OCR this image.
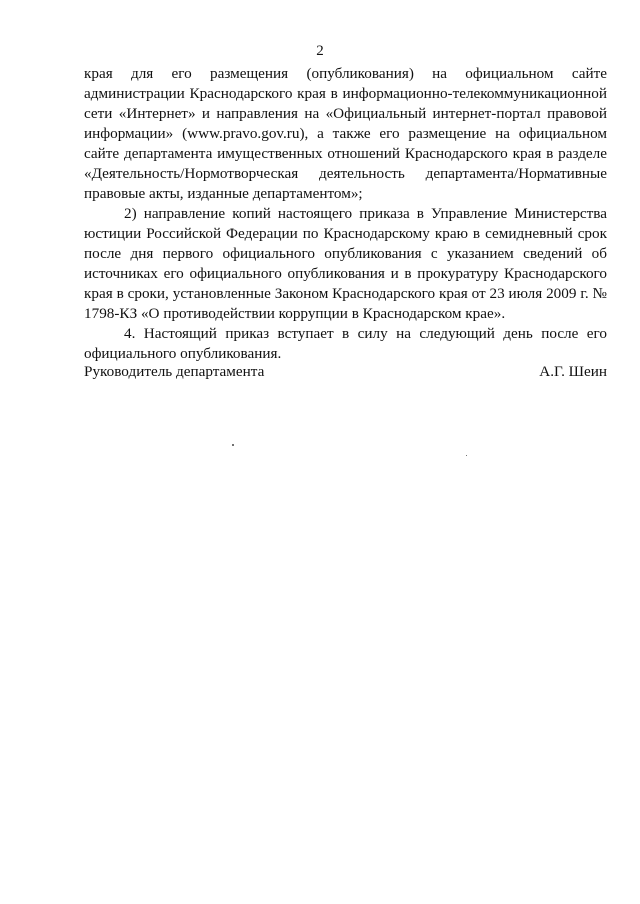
2

края для его размещения (опубликования) на официальном сайте администрации Краснодарского края в информационно-телекоммуникационной сети «Интернет» и направления на «Официальный интернет-портал правовой информации» (www.pravo.gov.ru), а также его размещение на официальном сайте департамента имущественных отношений Краснодарского края в разделе «Деятельность/Нормотворческая деятельность департамента/Нормативные правовые акты, изданные департаментом»;

2) направление копий настоящего приказа в Управление Министерства юстиции Российской Федерации по Краснодарскому краю в семидневный срок после дня первого официального опубликования с указанием сведений об источниках его официального опубликования и в прокуратуру Краснодарского края в сроки, установленные Законом Краснодарского края от 23 июля 2009 г. № 1798-КЗ «О противодействии коррупции в Краснодарском крае».

4. Настоящий приказ вступает в силу на следующий день после его официального опубликования.

Руководитель департамента	А.Г. Шеин
